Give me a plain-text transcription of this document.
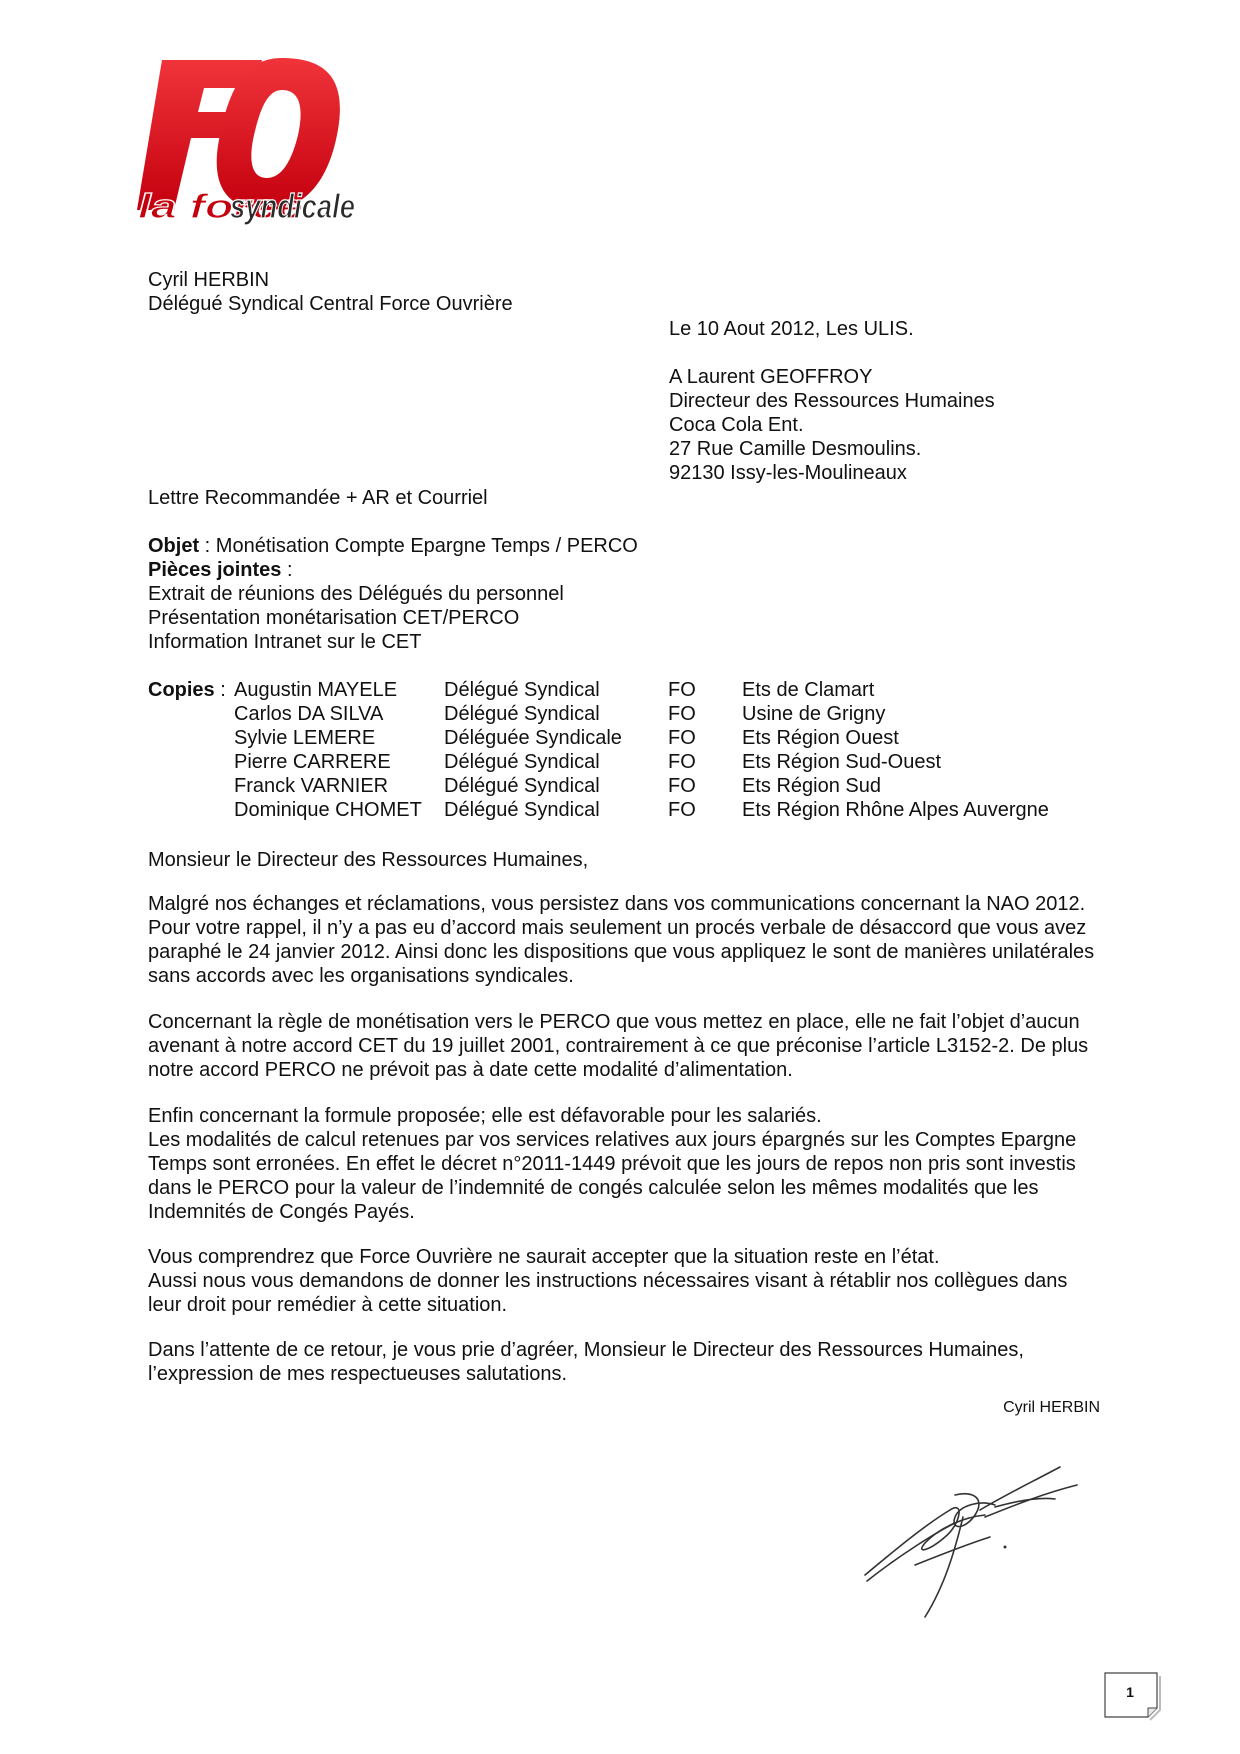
la force
syndicale
Cyril HERBIN
Délégué Syndical Central Force Ouvrière
Le 10 Aout 2012, Les ULIS.
A Laurent GEOFFROY
Directeur des Ressources Humaines
Coca Cola Ent.
27 Rue Camille Desmoulins.
92130 Issy-les-Moulineaux
Lettre Recommandée + AR et Courriel
Objet : Monétisation Compte Epargne Temps / PERCO
Pièces jointes :
Extrait de réunions des Délégués du personnel
Présentation monétarisation CET/PERCO
Information Intranet sur le CET
Copies : Augustin MAYELE Délégué Syndical	FO Ets de Clamart
Carlos DA SILVA	Délégué Syndical	FO Usine de Grigny
Sylvie LEMERE	Déléguée Syndicale FO Ets Région Ouest
Pierre CARRERE	Délégué Syndical	FO Ets Région Sud-Ouest
Franck VARNIER	Délégué Syndical	FO Ets Région Sud
Dominique CHOMET Délégué Syndical	FO Ets Région Rhône Alpes Auvergne
Monsieur le Directeur des Ressources Humaines,

Malgré nos échanges et réclamations, vous persistez dans vos communications concernant la NAO 2012. Pour votre rappel, il n’y a pas eu d’accord mais seulement un procés verbale de désaccord que vous avez paraphé le 24 janvier 2012. Ainsi donc les dispositions que vous appliquez le sont de manières unilatérales sans accords avec les organisations syndicales.

Concernant la règle de monétisation vers le PERCO que vous mettez en place, elle ne fait l’objet d’aucun avenant à notre accord CET du 19 juillet 2001, contrairement à ce que préconise l’article L3152-2. De plus notre accord PERCO ne prévoit pas à date cette modalité d’alimentation.

Enfin concernant la formule proposée; elle est défavorable pour les salariés.

Les modalités de calcul retenues par vos services relatives aux jours épargnés sur les Comptes Epargne Temps sont erronées. En effet le décret n°2011-1449 prévoit que les jours de repos non pris sont investis dans le PERCO pour la valeur de l’indemnité de congés calculée selon les mêmes modalités que les Indemnités de Congés Payés.

Vous comprendrez que Force Ouvrière ne saurait accepter que la situation reste en l’état.

Aussi nous vous demandons de donner les instructions nécessaires visant à rétablir nos collègues dans leur droit pour remédier à cette situation.

Dans l’attente de ce retour, je vous prie d’agréer, Monsieur le Directeur des Ressources Humaines, l’expression de mes respectueuses salutations.

Cyril HERBIN
1
